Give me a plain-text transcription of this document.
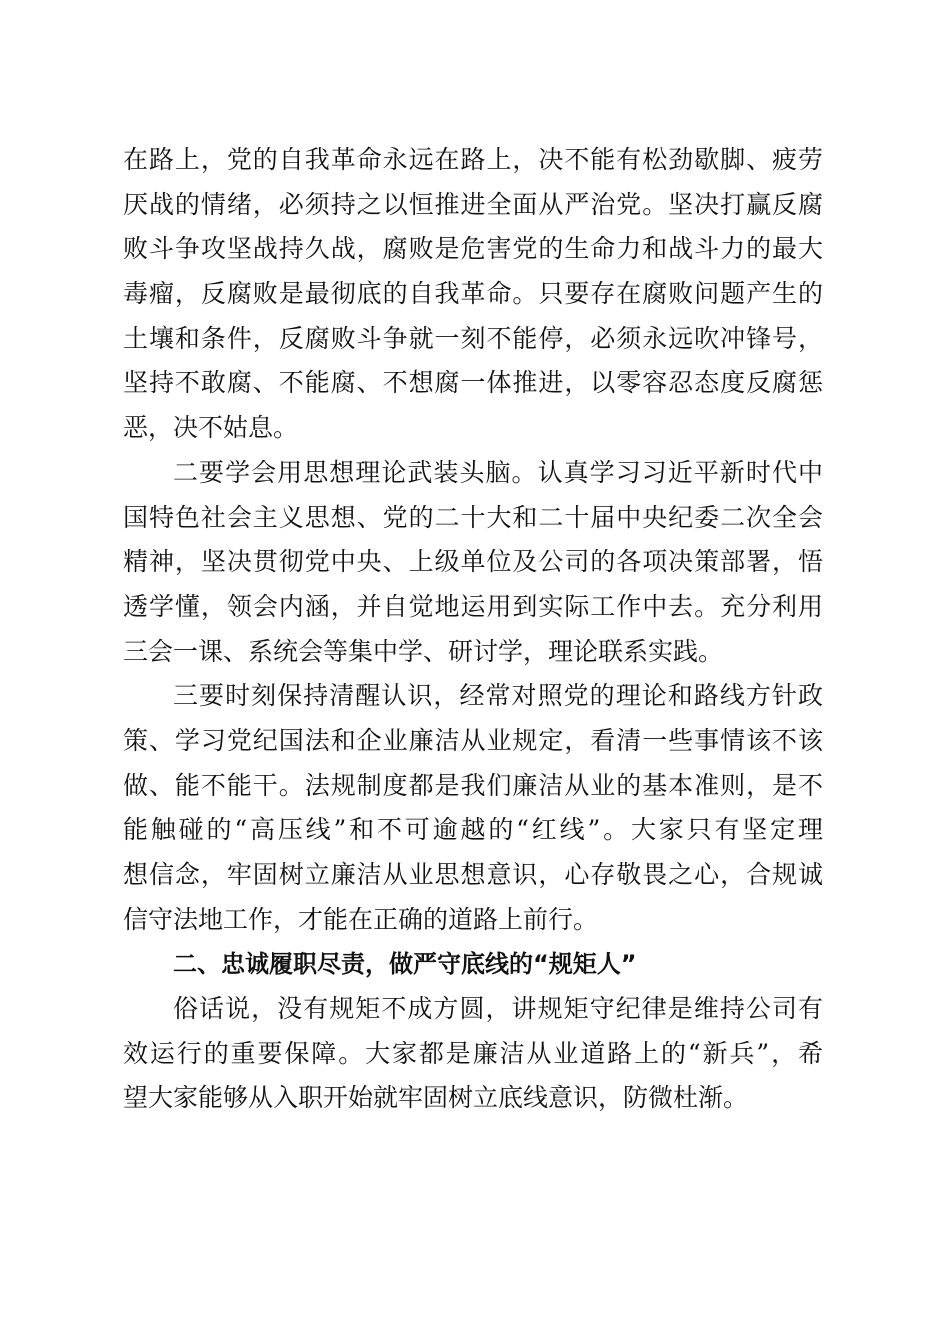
在路上，党的自我革命永远在路上，决不能有松劲歇脚、疲劳
厌战的情绪，必须持之以恒推进全面从严治党。坚决打赢反腐
败斗争攻坚战持久战，腐败是危害党的生命力和战斗力的最大
毒瘤，反腐败是最彻底的自我革命。只要存在腐败问题产生的
土壤和条件，反腐败斗争就一刻不能停，必须永远吹冲锋号，
坚持不敢腐、不能腐、不想腐一体推进，以零容忍态度反腐惩
恶，决不姑息。
二要学会用思想理论武装头脑。认真学习习近平新时代中
国特色社会主义思想、党的二十大和二十届中央纪委二次全会
精神，坚决贯彻党中央、上级单位及公司的各项决策部署，悟
透学懂，领会内涵，并自觉地运用到实际工作中去。充分利用
三会一课、系统会等集中学、研讨学，理论联系实践。
三要时刻保持清醒认识，经常对照党的理论和路线方针政
策、学习党纪国法和企业廉洁从业规定，看清一些事情该不该
做、能不能干。法规制度都是我们廉洁从业的基本准则，是不
能触碰的“高压线”和不可逾越的“红线”。大家只有坚定理
想信念，牢固树立廉洁从业思想意识，心存敬畏之心，合规诚
信守法地工作，才能在正确的道路上前行。
二、忠诚履职尽责，做严守底线的“规矩人”
俗话说，没有规矩不成方圆，讲规矩守纪律是维持公司有
效运行的重要保障。大家都是廉洁从业道路上的“新兵”，希
望大家能够从入职开始就牢固树立底线意识，防微杜渐。
